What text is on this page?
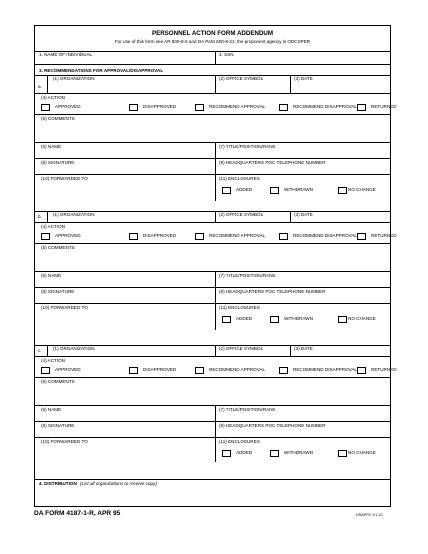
PERSONNEL ACTION FORM ADDENDUM
For use of this form see AR 600-8-6 and DA PAM 600-8-21; the proponent agency is ODCSPER
1. NAME OF INDIVIDUAL	2. SSN
3. RECOMMENDATIONS FOR APPROVAL/DISAPPROVAL
a.
(1) ORGANIZATION	(2) OFFICE SYMBOL	(3) DATE
(4) ACTION
APPROVED	DISAPPROVED	RECOMMEND APPROVAL	RECOMMEND DISAPPROVAL	RETURNED
(5) COMMENTS
(6) NAME	(7) TITLE/POSITION/RANK
(8) SIGNATURE	(9) HEADQUARTERS POC TELEPHONE NUMBER
(10) FORWARDED TO	(11) ENCLOSURES
ADDED	WITHDRAWN	NO CHANGE
b. (1) ORGANIZATION	(2) OFFICE SYMBOL	(3) DATE
(4) ACTION
APPROVED	DISAPPROVED	RECOMMEND APPROVAL	RECOMMEND DISAPPROVAL	RETURNED
(5) COMMENTS
(6) NAME	(7) TITLE/POSITION/RANK
(8) SIGNATURE	(9) HEADQUARTERS POC TELEPHONE NUMBER
(10) FORWARDED TO	(11) ENCLOSURES
ADDED	WITHDRAWN	NO CHANGE
c. (1) ORGANIZATION	(2) OFFICE SYMBOL	(3) DATE
(4) ACTION
APPROVED	DISAPPROVED	RECOMMEND APPROVAL	RECOMMEND DISAPPROVAL	RETURNED
(5) COMMENTS
(6) NAME	(7) TITLE/POSITION/RANK
(8) SIGNATURE	(9) HEADQUARTERS POC TELEPHONE NUMBER
(10) FORWARDED TO	(11) ENCLOSURES
ADDED	WITHDRAWN	NO CHANGE
4. DISTRIBUTION (List all organizations to receive copy)
DA FORM 4187-1-R, APR 95	USAPPC V1.10
